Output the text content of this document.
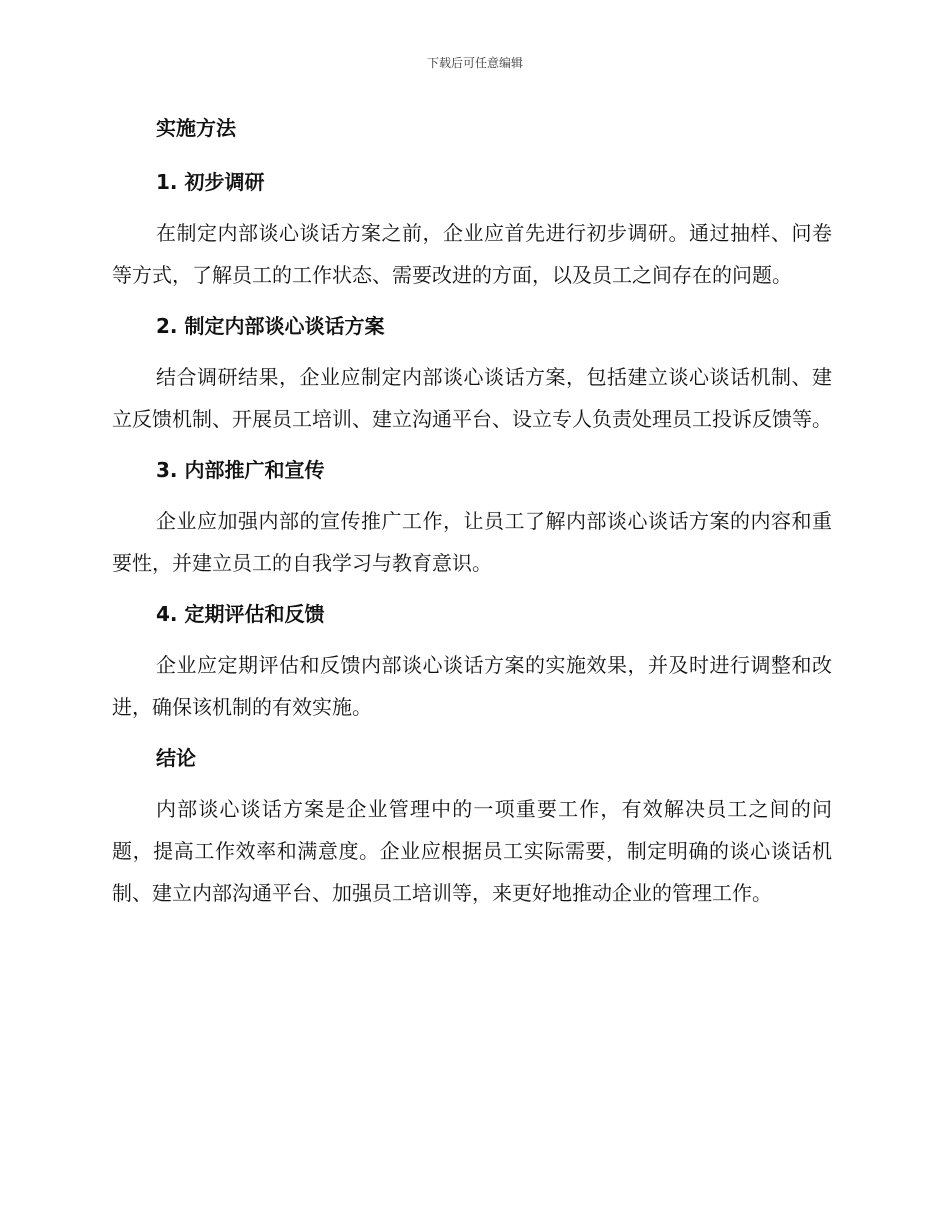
下载后可任意编辑
实施方法
1. 初步调研

在制定内部谈心谈话方案之前，企业应首先进行初步调研。通过抽样、问卷等方式，了解员工的工作状态、需要改进的方面，以及员工之间存在的问题。

2. 制定内部谈心谈话方案

结合调研结果，企业应制定内部谈心谈话方案，包括建立谈心谈话机制、建立反馈机制、开展员工培训、建立沟通平台、设立专人负责处理员工投诉反馈等。

3. 内部推广和宣传

企业应加强内部的宣传推广工作，让员工了解内部谈心谈话方案的内容和重要性，并建立员工的自我学习与教育意识。

4. 定期评估和反馈

企业应定期评估和反馈内部谈心谈话方案的实施效果，并及时进行调整和改进，确保该机制的有效实施。

结论

内部谈心谈话方案是企业管理中的一项重要工作，有效解决员工之间的问题，提高工作效率和满意度。企业应根据员工实际需要，制定明确的谈心谈话机制、建立内部沟通平台、加强员工培训等，来更好地推动企业的管理工作。
